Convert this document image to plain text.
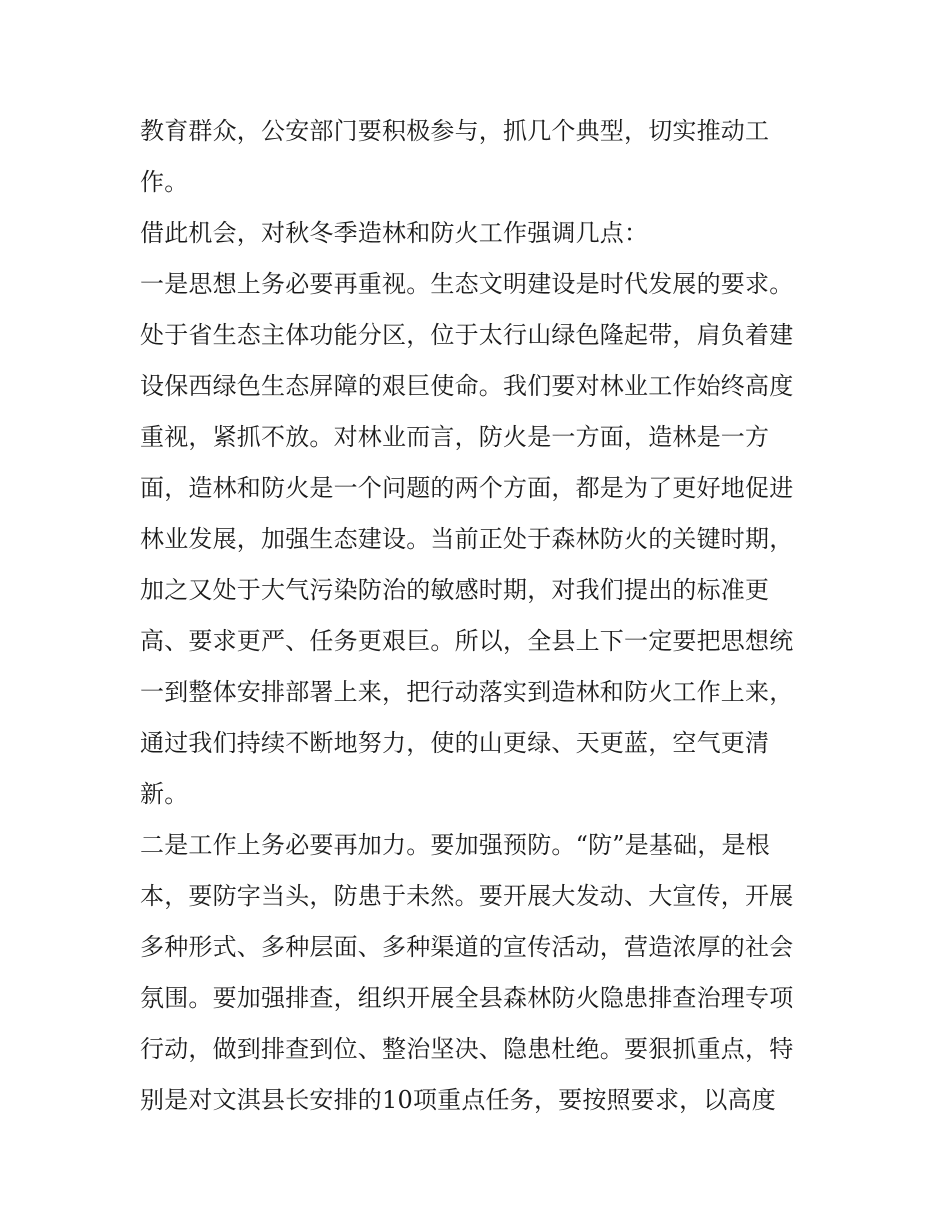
教育群众，公安部门要积极参与，抓几个典型，切实推动工
作。
借此机会，对秋冬季造林和防火工作强调几点：
一是思想上务必要再重视。生态文明建设是时代发展的要求。
处于省生态主体功能分区，位于太行山绿色隆起带，肩负着建
设保西绿色生态屏障的艰巨使命。我们要对林业工作始终高度
重视，紧抓不放。对林业而言，防火是一方面，造林是一方
面，造林和防火是一个问题的两个方面，都是为了更好地促进
林业发展，加强生态建设。当前正处于森林防火的关键时期，
加之又处于大气污染防治的敏感时期，对我们提出的标准更
高、要求更严、任务更艰巨。所以，全县上下一定要把思想统
一到整体安排部署上来，把行动落实到造林和防火工作上来，
通过我们持续不断地努力，使的山更绿、天更蓝，空气更清
新。
二是工作上务必要再加力。要加强预防。“防”是基础，是根
本，要防字当头，防患于未然。要开展大发动、大宣传，开展
多种形式、多种层面、多种渠道的宣传活动，营造浓厚的社会
氛围。要加强排查，组织开展全县森林防火隐患排查治理专项
行动，做到排查到位、整治坚决、隐患杜绝。要狠抓重点，特
别是对文淇县长安排的10项重点任务，要按照要求，以高度
